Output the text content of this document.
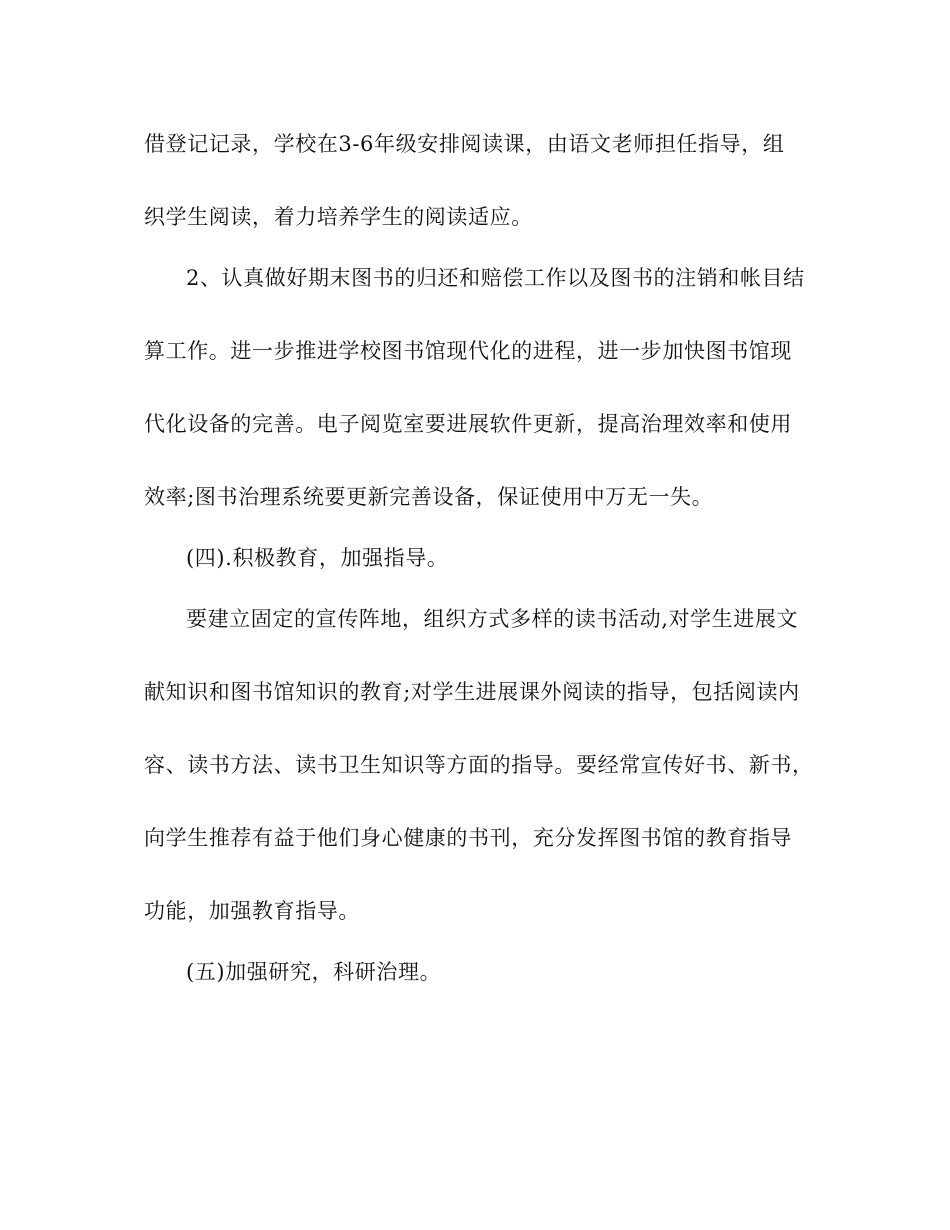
借登记记录，学校在3-6年级安排阅读课，由语文老师担任指导，组
织学生阅读，着力培养学生的阅读适应。
2、认真做好期末图书的归还和赔偿工作以及图书的注销和帐目结
算工作。进一步推进学校图书馆现代化的进程，进一步加快图书馆现
代化设备的完善。电子阅览室要进展软件更新，提高治理效率和使用
效率;图书治理系统要更新完善设备，保证使用中万无一失。
(四).积极教育，加强指导。
要建立固定的宣传阵地，组织方式多样的读书活动,对学生进展文
献知识和图书馆知识的教育;对学生进展课外阅读的指导，包括阅读内
容、读书方法、读书卫生知识等方面的指导。要经常宣传好书、新书，
向学生推荐有益于他们身心健康的书刊，充分发挥图书馆的教育指导
功能，加强教育指导。
(五)加强研究，科研治理。
